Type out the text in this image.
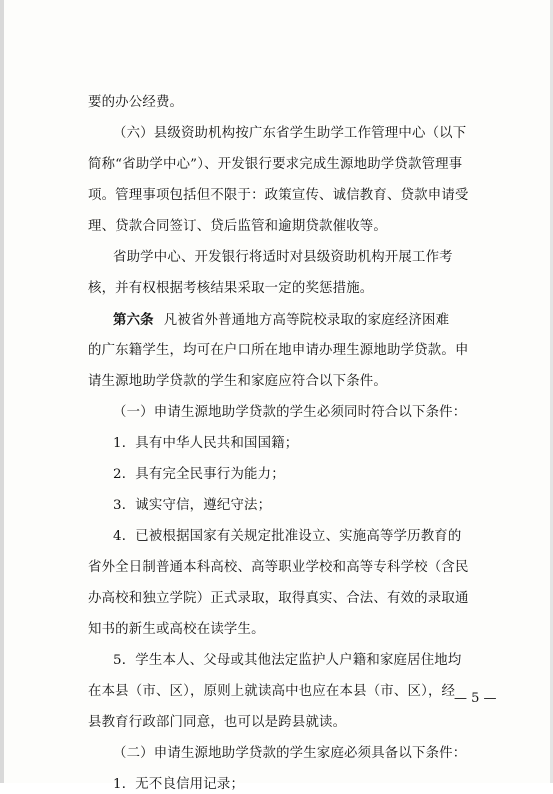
要的办公经费。
（六）县级资助机构按广东省学生助学工作管理中心（以下
简称“省助学中心”）、开发银行要求完成生源地助学贷款管理事
项。管理事项包括但不限于：政策宣传、诚信教育、贷款申请受
理、贷款合同签订、贷后监管和逾期贷款催收等。
省助学中心、开发银行将适时对县级资助机构开展工作考
核，并有权根据考核结果采取一定的奖惩措施。
第六条 凡被省外普通地方高等院校录取的家庭经济困难
的广东籍学生，均可在户口所在地申请办理生源地助学贷款。申
请生源地助学贷款的学生和家庭应符合以下条件。
（一）申请生源地助学贷款的学生必须同时符合以下条件：
1．具有中华人民共和国国籍；
2．具有完全民事行为能力；
3．诚实守信，遵纪守法；
4．已被根据国家有关规定批准设立、实施高等学历教育的
省外全日制普通本科高校、高等职业学校和高等专科学校（含民
办高校和独立学院）正式录取，取得真实、合法、有效的录取通
知书的新生或高校在读学生。
5．学生本人、父母或其他法定监护人户籍和家庭居住地均
在本县（市、区），原则上就读高中也应在本县（市、区），经
县教育行政部门同意，也可以是跨县就读。
（二）申请生源地助学贷款的学生家庭必须具备以下条件：
1．无不良信用记录；
— 5 —
